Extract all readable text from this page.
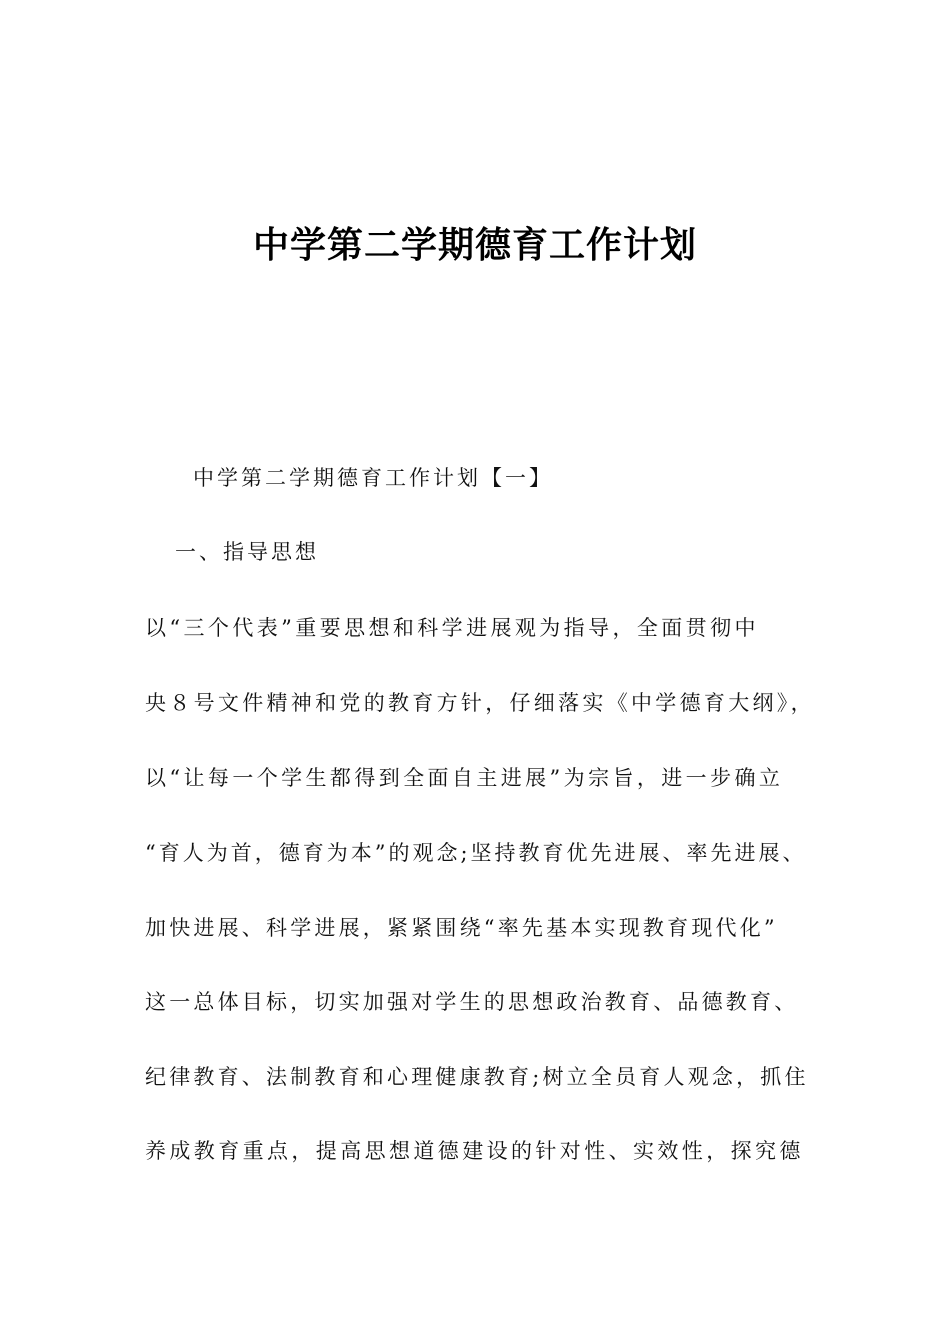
中学第二学期德育工作计划
中学第二学期德育工作计划【一】
一、指导思想
以“三个代表”重要思想和科学进展观为指导，全面贯彻中
央８号文件精神和党的教育方针，仔细落实《中学德育大纲》，
以“让每一个学生都得到全面自主进展”为宗旨，进一步确立
“育人为首，德育为本”的观念;坚持教育优先进展、率先进展、
加快进展、科学进展，紧紧围绕“率先基本实现教育现代化”
这一总体目标，切实加强对学生的思想政治教育、品德教育、
纪律教育、法制教育和心理健康教育;树立全员育人观念，抓住
养成教育重点，提高思想道德建设的针对性、实效性，探究德
